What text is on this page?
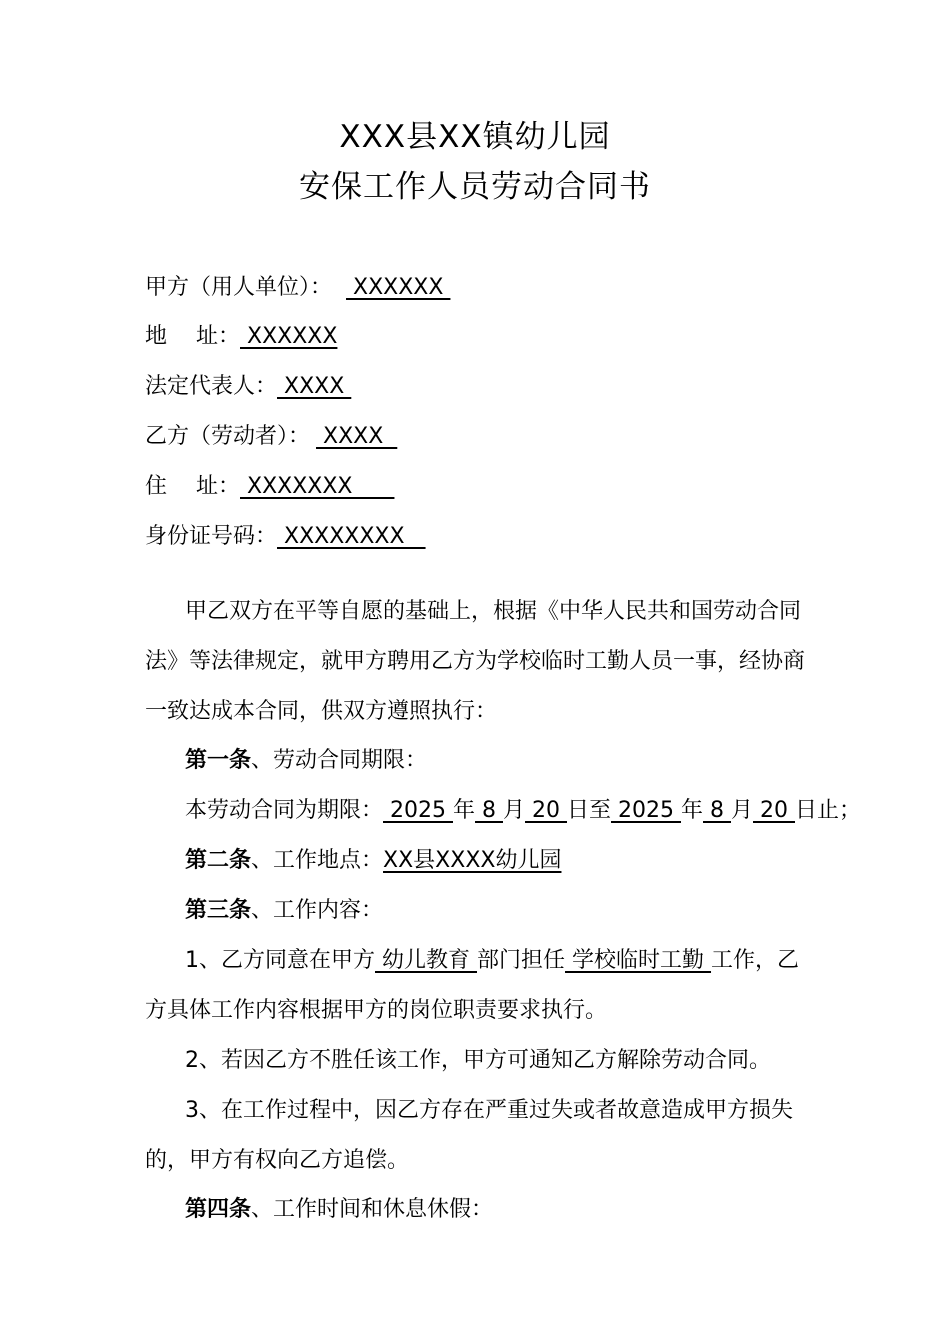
XXX县XX镇幼儿园
安保工作人员劳动合同书
甲方（用人单位）： XXXXXX
地　 址： XXXXXX
法定代表人： XXXX
乙方（劳动者）： XXXX
住　 址： XXXXXXX
身份证号码： XXXXXXXX
甲乙双方在平等自愿的基础上，根据《中华人民共和国劳动合同
法》等法律规定，就甲方聘用乙方为学校临时工勤人员一事，经协商
一致达成本合同，供双方遵照执行：
第一条、劳动合同期限：
本劳动合同为期限： 2025 年 8 月 20 日至 2025 年 8 月 20 日止；
第二条、工作地点：XX县XXXX幼儿园
第三条、工作内容：
1、乙方同意在甲方 幼儿教育 部门担任 学校临时工勤 工作，乙
方具体工作内容根据甲方的岗位职责要求执行。
2、若因乙方不胜任该工作，甲方可通知乙方解除劳动合同。
3、在工作过程中，因乙方存在严重过失或者故意造成甲方损失
的，甲方有权向乙方追偿。
第四条、工作时间和休息休假：
